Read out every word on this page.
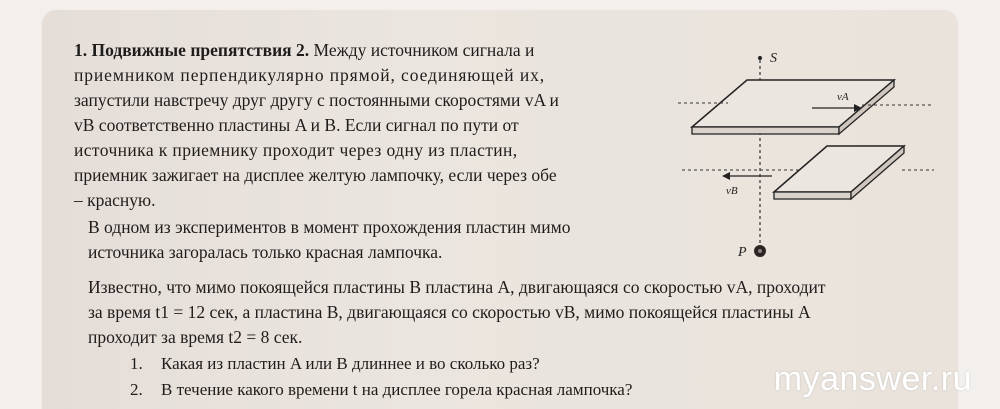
1. Подвижные препятствия 2. Между источником сигнала и
приемником перпендикулярно прямой, соединяющей их,
запустили навстречу друг другу с постоянными скоростями vA и
vB соответственно пластины A и B. Если сигнал по пути от
источника к приемнику проходит через одну из пластин,
приемник зажигает на дисплее желтую лампочку, если через обе
– красную.
В одном из экспериментов в момент прохождения пластин мимо
источника загоралась только красная лампочка.
Известно, что мимо покоящейся пластины B пластина A, двигающаяся со скоростью vA, проходит
за время t1 = 12 сек, а пластина B, двигающаяся со скоростью vB, мимо покоящейся пластины A
проходит за время t2 = 8 сек.
1. Какая из пластин A или B длиннее и во сколько раз?
2. В течение какого времени t на дисплее горела красная лампочка?
S
vA
vB
P
myanswer.ru
